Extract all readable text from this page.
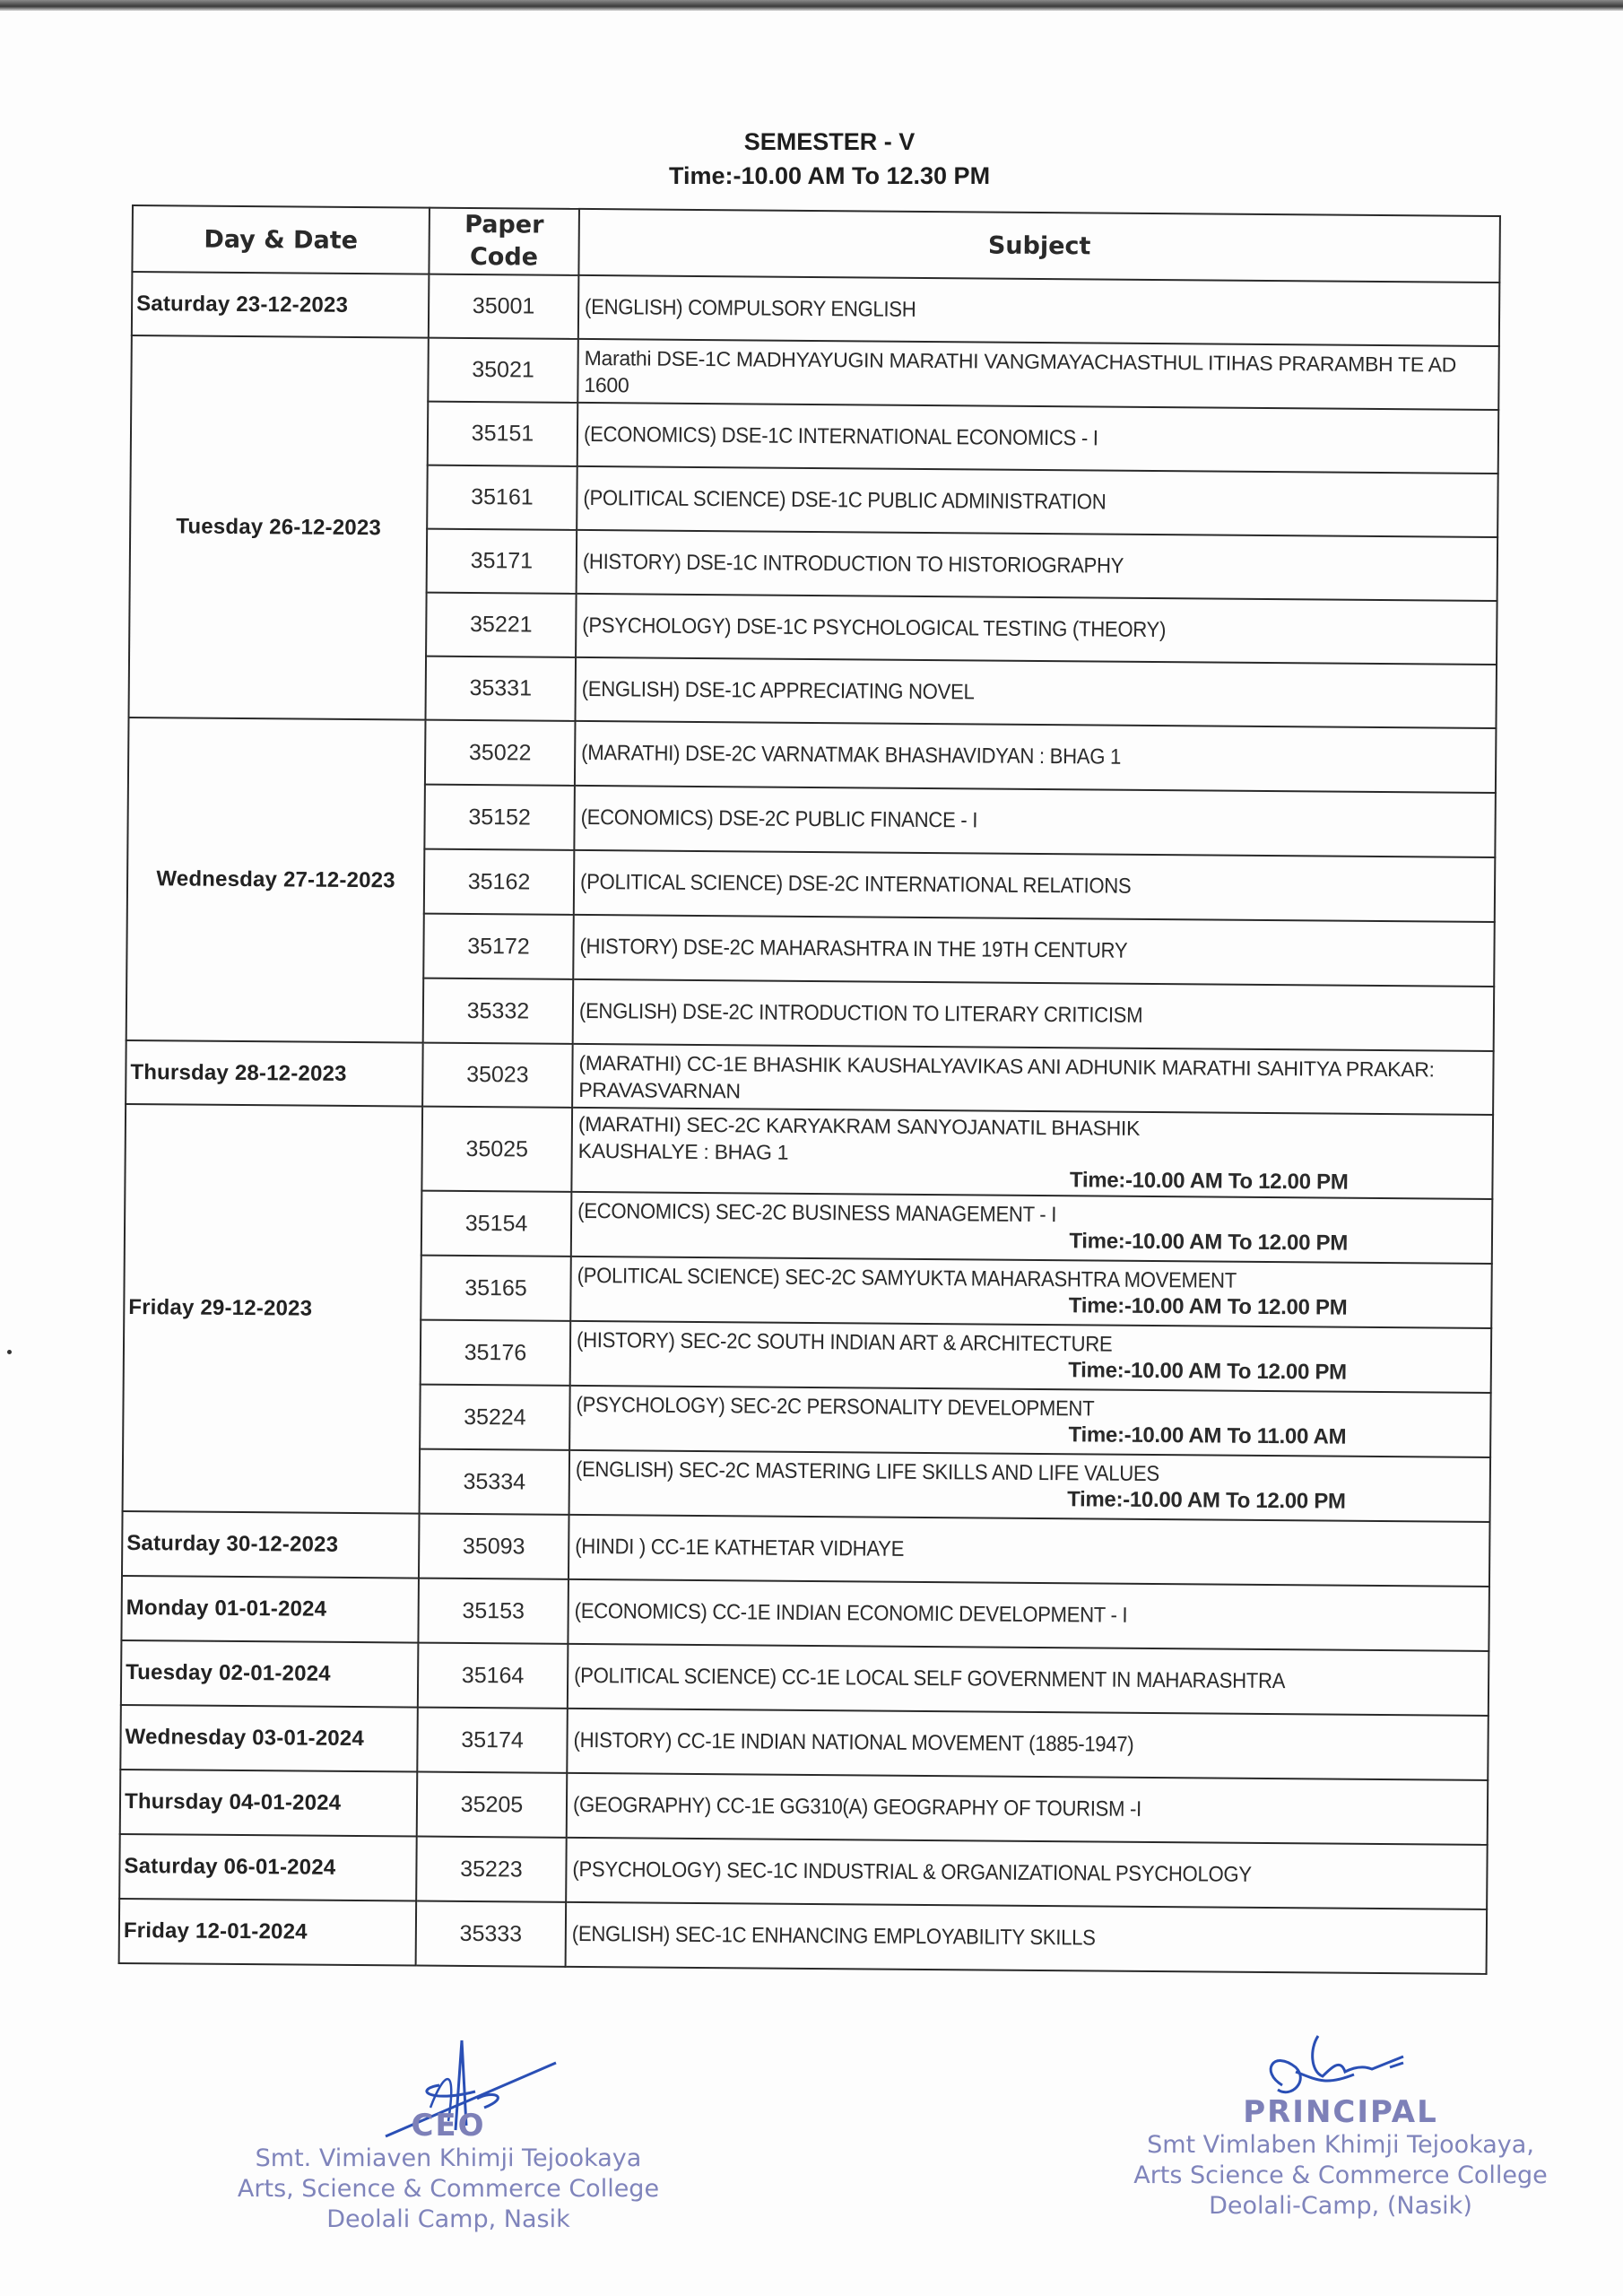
SEMESTER - V
Time:-10.00 AM To 12.30 PM
Day & Date	Paper Code	Subject
Saturday 23-12-2023	35001	(ENGLISH) COMPULSORY ENGLISH

Tuesday 26-12-2023	35021	Marathi DSE-1C MADHYAYUGIN MARATHI VANGMAYACHASTHUL ITIHAS PRARAMBH TE AD 1600

	35151	(ECONOMICS) DSE-1C INTERNATIONAL ECONOMICS - I

	35161	(POLITICAL SCIENCE) DSE-1C PUBLIC ADMINISTRATION

	35171	(HISTORY) DSE-1C INTRODUCTION TO HISTORIOGRAPHY

	35221	(PSYCHOLOGY) DSE-1C PSYCHOLOGICAL TESTING (THEORY)

	35331	(ENGLISH) DSE-1C APPRECIATING NOVEL

Wednesday 27-12-2023	35022	(MARATHI) DSE-2C VARNATMAK BHASHAVIDYAN : BHAG 1

	35152	(ECONOMICS) DSE-2C PUBLIC FINANCE - I

	35162	(POLITICAL SCIENCE) DSE-2C INTERNATIONAL RELATIONS

	35172	(HISTORY) DSE-2C MAHARASHTRA IN THE 19TH CENTURY

	35332	(ENGLISH) DSE-2C INTRODUCTION TO LITERARY CRITICISM

Thursday 28-12-2023	35023	(MARATHI) CC-1E BHASHIK KAUSHALYAVIKAS ANI ADHUNIK MARATHI SAHITYA PRAKAR: PRAVASVARNAN

Friday 29-12-2023	35025	(MARATHI) SEC-2C KARYAKRAM SANYOJANATIL BHASHIK KAUSHALYE : BHAG 1
Time:-10.00 AM To 12.00 PM

	35154	(ECONOMICS) SEC-2C BUSINESS MANAGEMENT - I
Time:-10.00 AM To 12.00 PM

	35165	(POLITICAL SCIENCE) SEC-2C SAMYUKTA MAHARASHTRA MOVEMENT
Time:-10.00 AM To 12.00 PM

	35176	(HISTORY) SEC-2C SOUTH INDIAN ART & ARCHITECTURE
Time:-10.00 AM To 12.00 PM

	35224	(PSYCHOLOGY) SEC-2C PERSONALITY DEVELOPMENT
Time:-10.00 AM To 11.00 AM

	35334	(ENGLISH) SEC-2C MASTERING LIFE SKILLS AND LIFE VALUES
Time:-10.00 AM To 12.00 PM

Saturday 30-12-2023	35093	(HINDI ) CC-1E KATHETAR VIDHAYE

Monday 01-01-2024	35153	(ECONOMICS) CC-1E INDIAN ECONOMIC DEVELOPMENT - I

Tuesday 02-01-2024	35164	(POLITICAL SCIENCE) CC-1E LOCAL SELF GOVERNMENT IN MAHARASHTRA

Wednesday 03-01-2024	35174	(HISTORY) CC-1E INDIAN NATIONAL MOVEMENT (1885-1947)

Thursday 04-01-2024	35205	(GEOGRAPHY) CC-1E GG310(A) GEOGRAPHY OF TOURISM -I

Saturday 06-01-2024	35223	(PSYCHOLOGY) SEC-1C INDUSTRIAL & ORGANIZATIONAL PSYCHOLOGY

Friday 12-01-2024	35333	(ENGLISH) SEC-1C ENHANCING EMPLOYABILITY SKILLS
CEO
Smt. Vimiaven Khimji Tejookaya
Arts, Science & Commerce College
Deolali Camp, Nasik
PRINCIPAL
Smt Vimlaben Khimji Tejookaya,
Arts Science & Commerce College
Deolali-Camp, (Nasik)
